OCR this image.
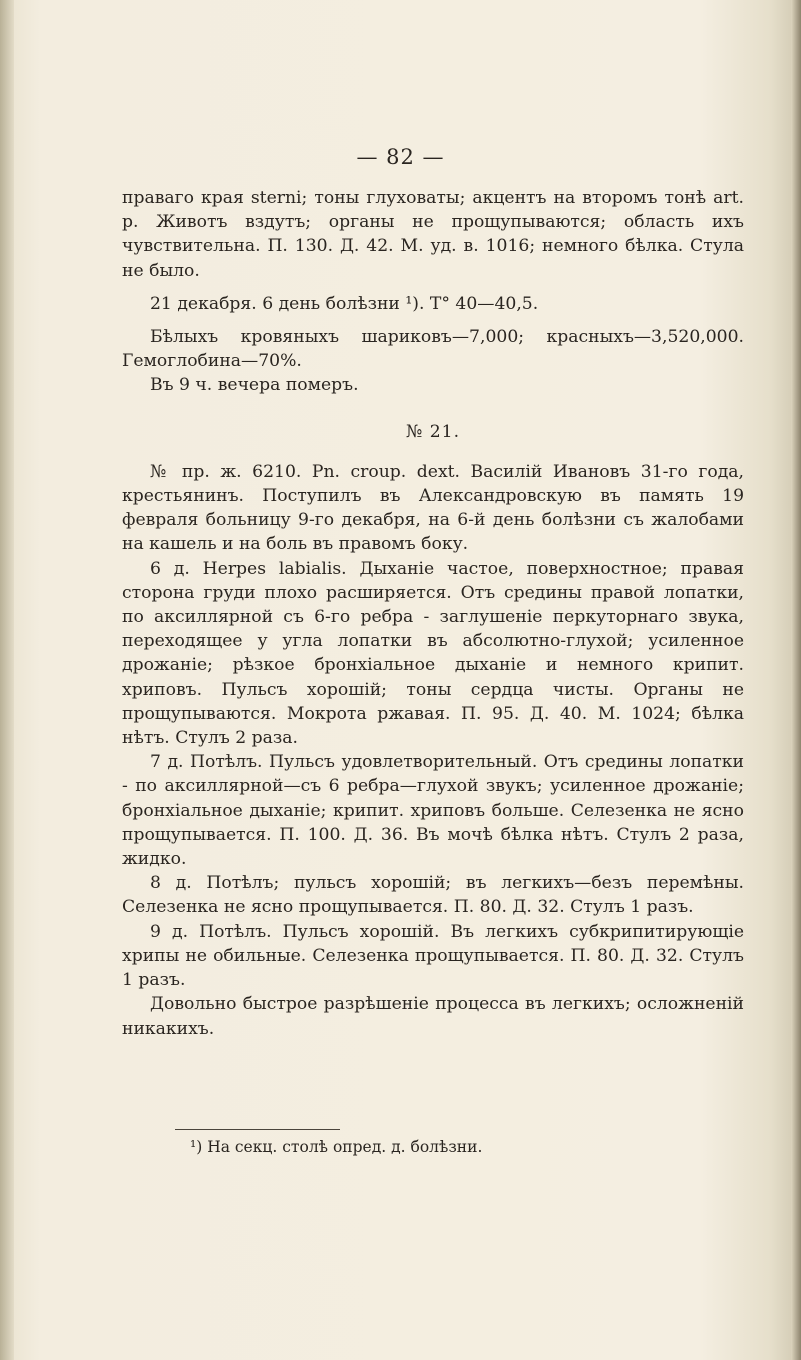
— 82 —

праваго края sterni; тоны глуховаты; акцентъ на второмъ тонѣ art. p. Животъ вздутъ; органы не прощупываются; область ихъ чувствительна. П. 130. Д. 42. М. уд. в. 1016; немного бѣлка. Стула не было.

21 декабря. 6 день болѣзни ¹). T° 40—40,5.

Бѣлыхъ кровяныхъ шариковъ—7,000; красныхъ—3,520,000. Гемоглобина—70%.

Въ 9 ч. вечера померъ.

№ 21.

№ пр. ж. 6210. Pn. croup. dext. Василій Ивановъ 31-го года, крестьянинъ. Поступилъ въ Александровскую въ память 19 февраля больницу 9-го декабря, на 6-й день болѣзни съ жалобами на кашель и на боль въ правомъ боку.

6 д. Herpes labialis. Дыханіе частое, поверхностное; правая сторона груди плохо расширяется. Отъ средины правой лопатки, по аксиллярной съ 6-го ребра - заглушеніе перкуторнаго звука, переходящее у угла лопатки въ абсолютно-глухой; усиленное дрожаніе; рѣзкое бронхіальное дыханіе и немного крипит. хриповъ. Пульсъ хорошій; тоны сердца чисты. Органы не прощупываются. Мокрота ржавая. П. 95. Д. 40. М. 1024; бѣлка нѣтъ. Стулъ 2 раза.

7 д. Потѣлъ. Пульсъ удовлетворительный. Отъ средины лопатки - по аксиллярной—съ 6 ребра—глухой звукъ; усиленное дрожаніе; бронхіальное дыханіе; крипит. хриповъ больше. Селезенка не ясно прощупывается. П. 100. Д. 36. Въ мочѣ бѣлка нѣтъ. Стулъ 2 раза, жидко.

8 д. Потѣлъ; пульсъ хорошій; въ легкихъ—безъ перемѣны. Селезенка не ясно прощупывается. П. 80. Д. 32. Стулъ 1 разъ.

9 д. Потѣлъ. Пульсъ хорошій. Въ легкихъ субкрипитирующіе хрипы не обильные. Селезенка прощупывается. П. 80. Д. 32. Стулъ 1 разъ.

Довольно быстрое разрѣшеніе процесса въ легкихъ; осложненій никакихъ.

¹) На секц. столѣ опред. д. болѣзни.
